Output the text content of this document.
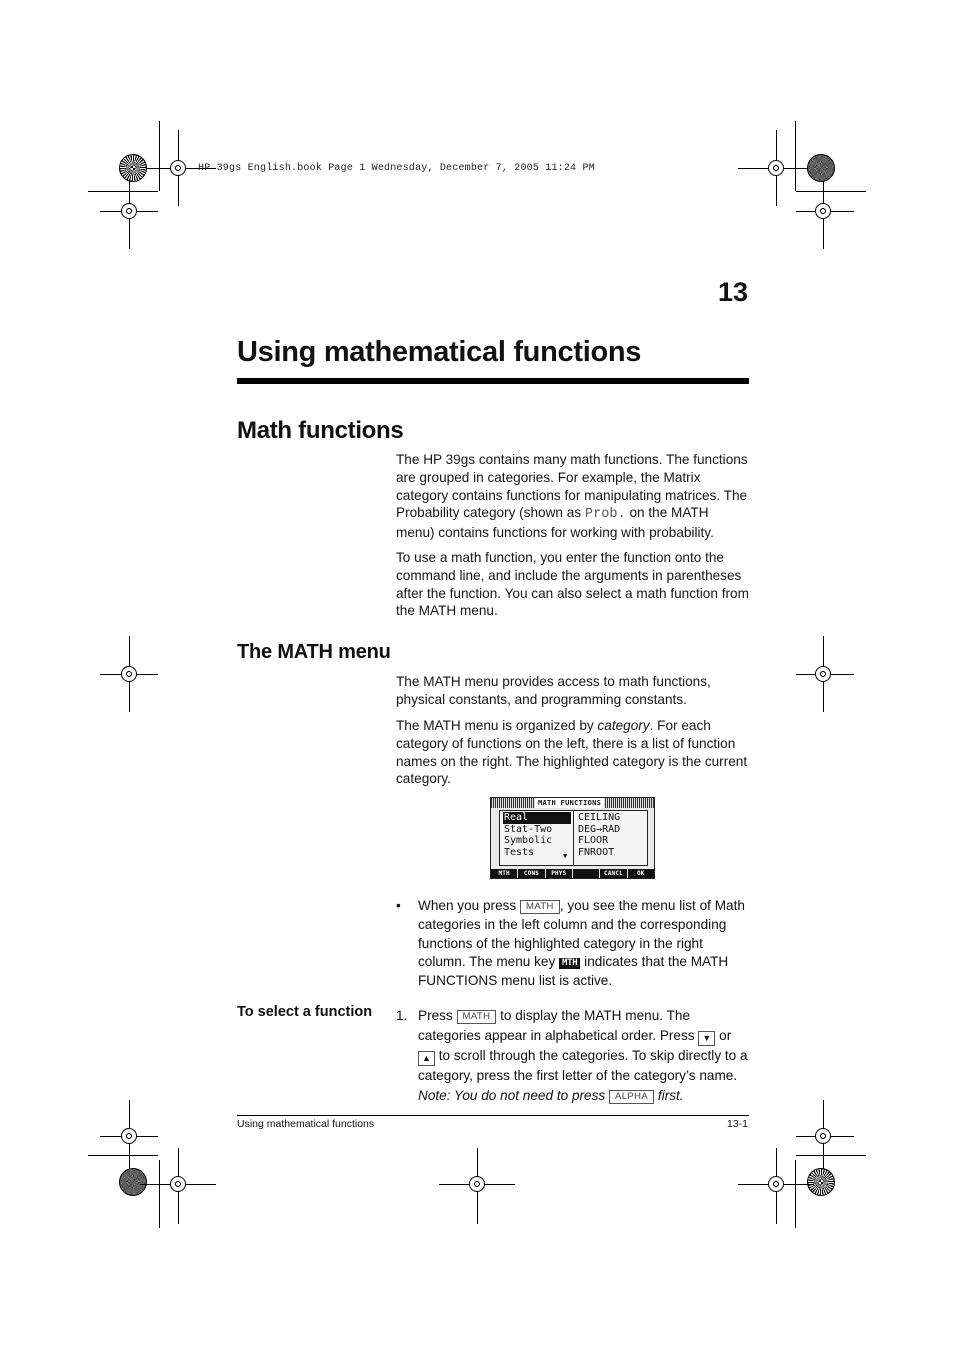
HP 39gs English.book Page 1 Wednesday, December 7, 2005 11:24 PM
13
Using mathematical functions
Math functions

The HP 39gs contains many math functions. The functions are grouped in categories. For example, the Matrix category contains functions for manipulating matrices. The Probability category (shown as Prob. on the MATH menu) contains functions for working with probability.

To use a math function, you enter the function onto the command line, and include the arguments in parentheses after the function. You can also select a math function from the MATH menu.

The MATH menu

The MATH menu provides access to math functions, physical constants, and programming constants.

The MATH menu is organized by category. For each category of functions on the left, there is a list of function names on the right. The highlighted category is the current category.

MATH FUNCTIONS
Real
Stat-Two
Symbolic
Tests
▲
▼
CEILING
DEG→RAD
FLOOR
FNROOT
MTH	CONS	PHYS	CANCL	OK
• When you press MATH , you see the menu list of Math categories in the left column and the corresponding functions of the highlighted category in the right column. The menu key MTH indicates that the MATH FUNCTIONS menu list is active.
To select a function 1. Press MATH to display the MATH menu. The categories appear in alphabetical order. Press ▼ or ▲ to scroll through the categories. To skip directly to a category, press the first letter of the category’s name. Note: You do not need to press ALPHA first.
Using mathematical functions	13-1
